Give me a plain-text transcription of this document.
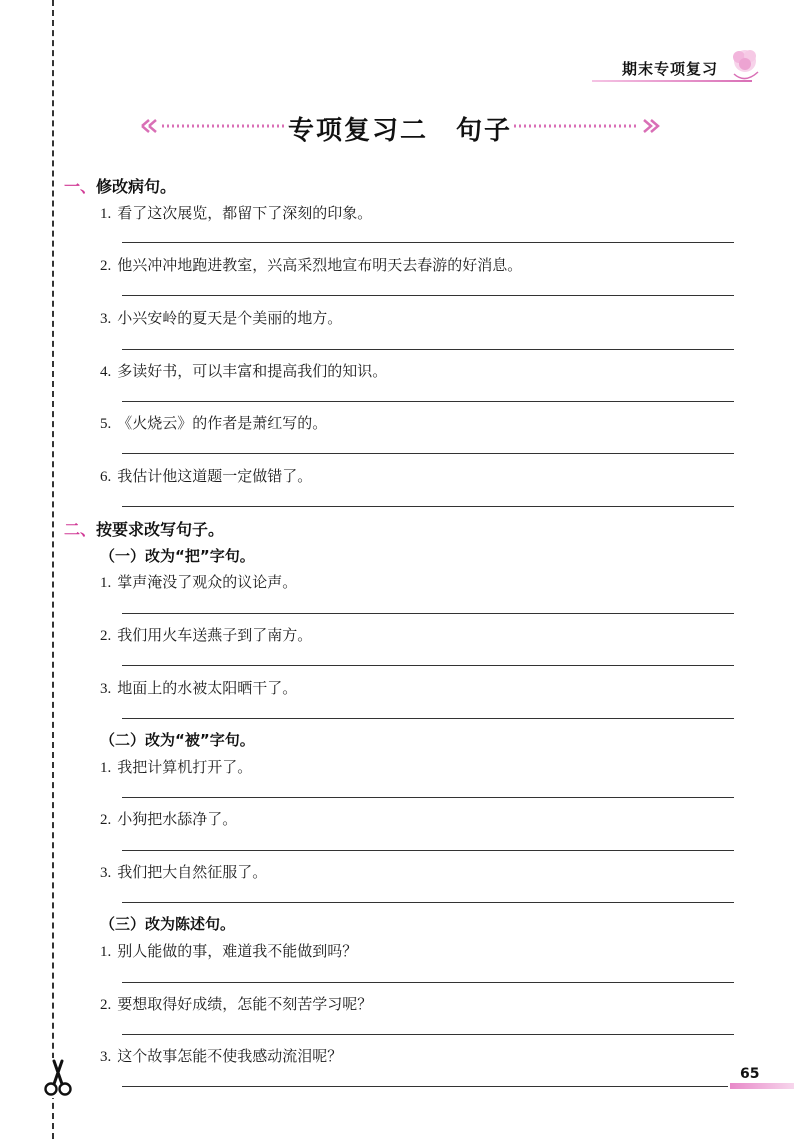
期末专项复习
专项复习二　句子
一、修改病句。
1. 看了这次展览，都留下了深刻的印象。
2. 他兴冲冲地跑进教室，兴高采烈地宣布明天去春游的好消息。
3. 小兴安岭的夏天是个美丽的地方。
4. 多读好书，可以丰富和提高我们的知识。
5. 《火烧云》的作者是萧红写的。
6. 我估计他这道题一定做错了。
二、按要求改写句子。
（一）改为“把”字句。
1. 掌声淹没了观众的议论声。
2. 我们用火车送燕子到了南方。
3. 地面上的水被太阳晒干了。
（二）改为“被”字句。
1. 我把计算机打开了。
2. 小狗把水舔净了。
3. 我们把大自然征服了。
（三）改为陈述句。
1. 别人能做的事，难道我不能做到吗？
2. 要想取得好成绩，怎能不刻苦学习呢？
3. 这个故事怎能不使我感动流泪呢？
65
